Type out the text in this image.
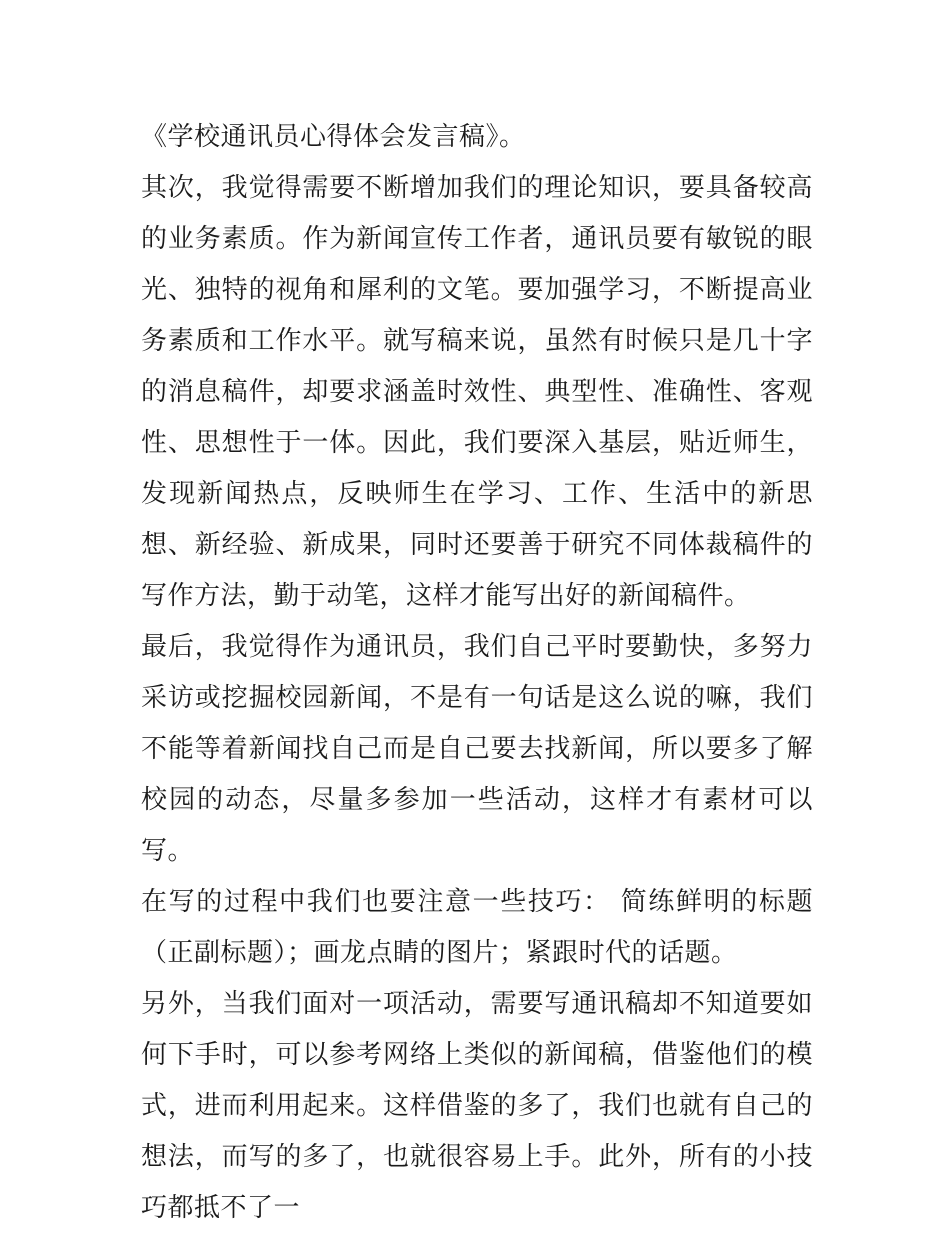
《学校通讯员心得体会发言稿》。

其次，我觉得需要不断增加我们的理论知识，要具备较高的业务素质。作为新闻宣传工作者，通讯员要有敏锐的眼光、独特的视角和犀利的文笔。要加强学习，不断提高业务素质和工作水平。就写稿来说，虽然有时候只是几十字的消息稿件，却要求涵盖时效性、典型性、准确性、客观性、思想性于一体。因此，我们要深入基层，贴近师生，发现新闻热点，反映师生在学习、工作、生活中的新思想、新经验、新成果，同时还要善于研究不同体裁稿件的写作方法，勤于动笔，这样才能写出好的新闻稿件。

最后，我觉得作为通讯员，我们自己平时要勤快，多努力采访或挖掘校园新闻，不是有一句话是这么说的嘛，我们不能等着新闻找自己而是自己要去找新闻，所以要多了解校园的动态，尽量多参加一些活动，这样才有素材可以写。

在写的过程中我们也要注意一些技巧： 简练鲜明的标题（正副标题）；画龙点睛的图片；紧跟时代的话题。

另外，当我们面对一项活动，需要写通讯稿却不知道要如何下手时，可以参考网络上类似的新闻稿，借鉴他们的模式，进而利用起来。这样借鉴的多了，我们也就有自己的想法，而写的多了，也就很容易上手。此外，所有的小技巧都抵不了一
